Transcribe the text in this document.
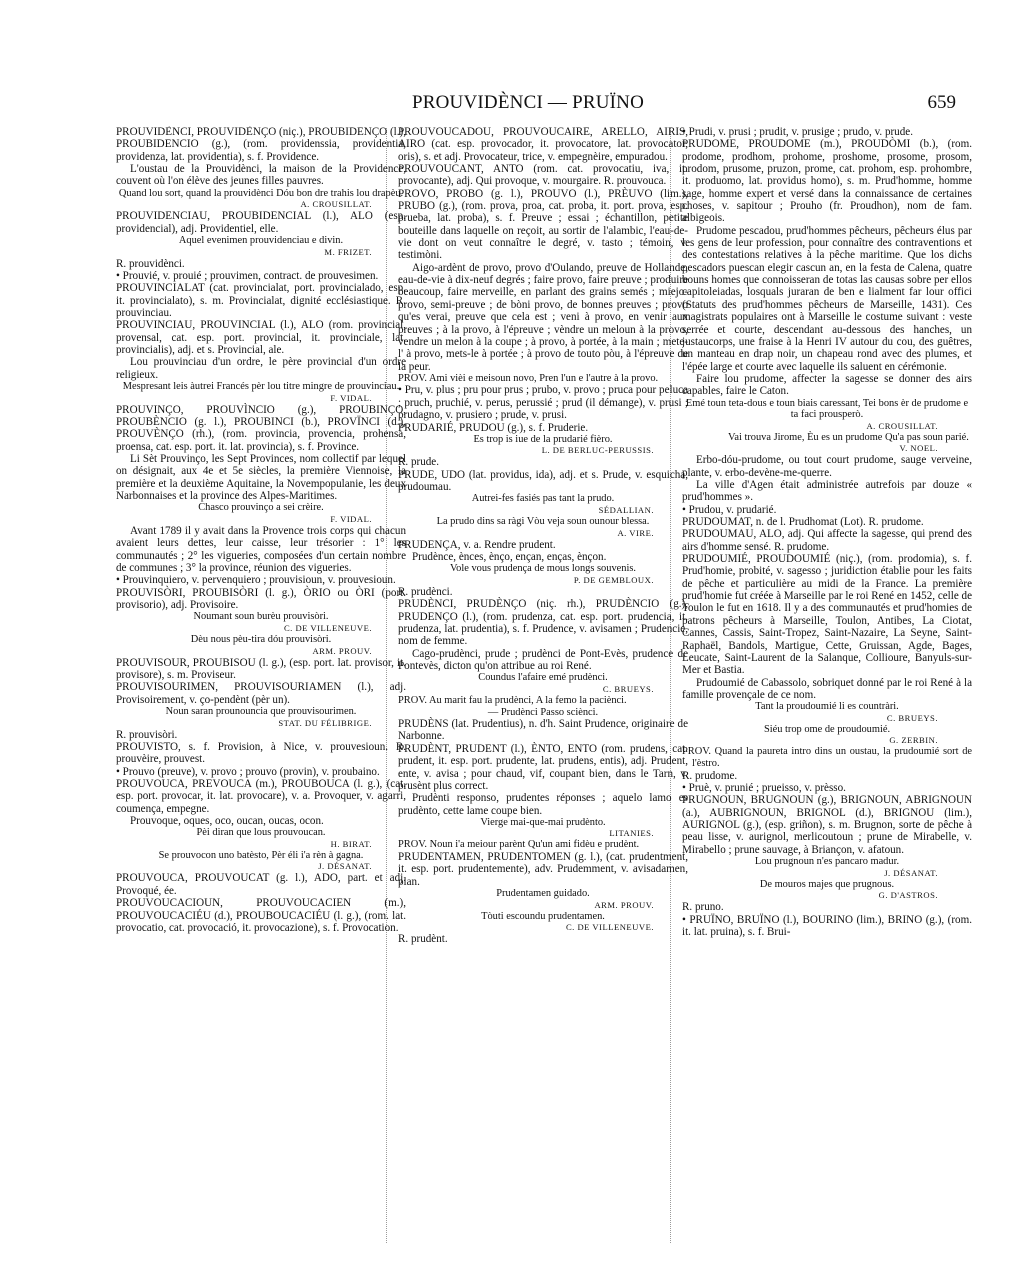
PROUVIDÈNCI — PRUÏNO	659

PROUVIDÈNCI, PROUVIDÈNÇO (niç.), PROUBIDENÇO (l.), PROUBIDENCIO (g.), (rom. providenssia, providentia, providenza, lat. providentia), s. f. Providence.

L'oustau de la Prouvidènci, la maison de la Providence, couvent où l'on élève des jeunes filles pauvres.

Quand lou sort, quand la prouvidènci Dóu bon dre trahis lou drapèu.

A. CROUSILLAT.

PROUVIDENCIAU, PROUBIDENCIAL (l.), ALO (esp. providencial), adj. Providentiel, elle.

Aquel evenimen prouvidenciau e divin.

M. FRIZET.

R. prouvidènci.

• Prouvié, v. prouié ; prouvimen, contract. de prouvesimen.

PROUVINCIALAT (cat. provincialat, port. provincialado, esp. it. provincialato), s. m. Provincialat, dignité ecclésiastique. R. prouvinciau.

PROUVINCIAU, PROUVINCIAL (l.), ALO (rom. provincial, provensal, cat. esp. port. provincial, it. provinciale, lat. provincialis), adj. et s. Provincial, ale.

Lou prouvinciau d'un ordre, le père provincial d'un ordre religieux.

Mespresant leis àutrei Francés pèr lou titre mingre de prouvinciau.

F. VIDAL.

PROUVINÇO, PROUVÌNCIO (g.), PROUBINÇO, PROUBÈNCIO (g. l.), PROUBINCI (b.), PROVÏNCI (d.), PROUVÈNÇO (rh.), (rom. provincia, provencia, prohensa, proensa, cat. esp. port. it. lat. provincia), s. f. Province.

Li Sèt Prouvinço, les Sept Provinces, nom collectif par lequel on désignait, aux 4e et 5e siècles, la première Viennoise, la première et la deuxième Aquitaine, la Novempopulanie, les deux Narbonnaises et la province des Alpes-Maritimes.

Chasco prouvinço a sei crèire.

F. VIDAL.

Avant 1789 il y avait dans la Provence trois corps qui chacun avaient leurs dettes, leur caisse, leur trésorier : 1° les communautés ; 2° les vigueries, composées d'un certain nombre de communes ; 3° la province, réunion des vigueries.

• Prouvinquiero, v. pervenquiero ; prouvisioun, v. prouvesioun.

PROUVISÒRI, PROUBISÒRI (l. g.), ÒRIO ou ÒRI (port. provisorio), adj. Provisoire.

Noumant soun burèu prouvisòri.

C. DE VILLENEUVE.

Dèu nous pèu-tira dóu prouvisòri.

ARM. PROUV.

PROUVISOUR, PROUBISOU (l. g.), (esp. port. lat. provisor, it. provisore), s. m. Proviseur.

PROUVISOURIMEN, PROUVISOURIAMEN (l.), adj. Provisoirement, v. ço-pendènt (pèr un).

Noun saran prounouncia que prouvisourimen.

STAT. DU FÉLIBRIGE.

R. prouvisòri.

PROUVISTO, s. f. Provision, à Nice, v. prouvesioun. R. prouvèire, prouvest.

• Prouvo (preuve), v. provo ; prouvo (provin), v. proubaino.

PROUVOUCA, PREVOUCA (m.), PROUBOUCA (l. g.), (cat. esp. port. provocar, it. lat. provocare), v. a. Provoquer, v. agarri, coumença, empegne.

Prouvoque, oques, oco, oucan, oucas, ocon.

Pèi diran que lous prouvoucan.

H. BIRAT.

Se prouvocon uno batèsto, Pèr éli i'a rèn à gagna.

J. DÉSANAT.

PROUVOUCA, PROUVOUCAT (g. l.), ADO, part. et adj. Provoqué, ée.

PROUVOUCACIOUN, PROUVOUCACIEN (m.), PROUVOUCACIÉU (d.), PROUBOUCACIÉU (l. g.), (rom. lat. provocatio, cat. provocació, it. provocazione), s. f. Provocation.

PROUVOUCADOU, PROUVOUCAIRE, ARELLO, AIRIS, AIRO (cat. esp. provocador, it. provocatore, lat. provocator, oris), s. et adj. Provocateur, trice, v. empegnèire, empuradou.

PROUVOUCANT, ANTO (rom. cat. provocatiu, iva, it. provocante), adj. Qui provoque, v. mourgaire. R. prouvouca.

PROVO, PROBO (g. l.), PROUVO (l.), PRÈUVO (lim.), PRUBO (g.), (rom. prova, proa, cat. proba, it. port. prova, esp. prueba, lat. proba), s. f. Preuve ; essai ; échantillon, petite bouteille dans laquelle on reçoit, au sortir de l'alambic, l'eau-de-vie dont on veut connaître le degré, v. tasto ; témoin, v. testimòni.

Aigo-ardènt de provo, provo d'Oulando, preuve de Hollande, eau-de-vie à dix-neuf degrés ; faire provo, faire preuve ; produire beaucoup, faire merveille, en parlant des grains semés ; miejo-provo, semi-preuve ; de bòni provo, de bonnes preuves ; provo qu'es verai, preuve que cela est ; veni à provo, en venir aux preuves ; à la provo, à l'épreuve ; vèndre un meloun à la provo, vendre un melon à la coupe ; à provo, à portée, à la main ; mete-l' à provo, mets-le à portée ; à provo de touto pòu, à l'épreuve de la peur.

PROV. Ami vièi e meisoun novo, Pren l'un e l'autre à la provo.

• Pru, v. plus ; pru pour prus ; prubo, v. provo ; pruca pour peluca ; pruch, pruchié, v. perus, perussié ; prud (il démange), v. prusi ; prudagno, v. prusiero ; prude, v. prusi.

PRUDARIÉ, PRUDOU (g.), s. f. Pruderie.

Es trop is iue de la prudarié fièro.

L. DE BERLUC-PERUSSIS.

R. prude.

PRUDE, UDO (lat. providus, ida), adj. et s. Prude, v. esquicha, prudoumau.

Autrei-fes fasiés pas tant la prudo.

SÉDALLIAN.

La prudo dins sa ràgi Vòu veja soun ounour blessa.

A. VIRE.

PRUDENÇA, v. a. Rendre prudent.

Prudènce, ènces, ènço, ençan, enças, ènçon.

Vole vous prudença de mous longs souvenis.

P. DE GEMBLOUX.

R. prudènci.

PRUDÈNCI, PRUDÈNÇO (niç. rh.), PRUDÈNCIO (g.), PRUDENÇO (l.), (rom. prudenza, cat. esp. port. prudencia, it. prudenza, lat. prudentia), s. f. Prudence, v. avisamen ; Prudencie, nom de femme.

Cago-prudènci, prude ; prudènci de Pont-Evès, prudence de Pontevès, dicton qu'on attribue au roi René.

Coundus l'afaire emé prudènci.

C. BRUEYS.

PROV. Au marit fau la prudènci, A la femo la paciènci.

— Prudènci Passo sciènci.

PRUDÈNS (lat. Prudentius), n. d'h. Saint Prudence, originaire de Narbonne.

PRUDÈNT, PRUDENT (l.), ÈNTO, ENTO (rom. prudens, cat. prudent, it. esp. port. prudente, lat. prudens, entis), adj. Prudent, ente, v. avisa ; pour chaud, vif, coupant bien, dans le Tarn, v. prusènt plus correct.

Prudènti responso, prudentes réponses ; aquelo lamo es prudènto, cette lame coupe bien.

Vierge mai-que-mai prudènto.

LITANIES.

PROV. Noun i'a meiour parènt Qu'un ami fidèu e prudènt.

PRUDENTAMEN, PRUDENTOMEN (g. l.), (cat. prudentment, it. esp. port. prudentemente), adv. Prudemment, v. avisadamen, plan.

Prudentamen guidado.

ARM. PROUV.

Tòuti escoundu prudentamen.

C. DE VILLENEUVE.

R. prudènt.

• Prudi, v. prusi ; prudit, v. prusige ; prudo, v. prude.

PRUDOME, PROUDOME (m.), PROUDÒMI (b.), (rom. prodome, prodhom, prohome, proshome, prosome, prosom, prodom, prusome, pruzon, prome, cat. prohom, esp. prohombre, it. produomo, lat. providus homo), s. m. Prud'homme, homme sage, homme expert et versé dans la connaissance de certaines choses, v. sapitour ; Prouho (fr. Proudhon), nom de fam. albigeois.

Prudome pescadou, prud'hommes pêcheurs, pêcheurs élus par les gens de leur profession, pour connaître des contraventions et des contestations relatives à la pêche maritime. Que los dichs pescadors puescan elegir cascun an, en la festa de Calena, quatre bouns homes que connoisseran de totas las causas sobre per ellos capitoleiadas, losquals juraran de ben e lialment far lour offici (Statuts des prud'hommes pêcheurs de Marseille, 1431). Ces magistrats populaires ont à Marseille le costume suivant : veste serrée et courte, descendant au-dessous des hanches, un justaucorps, une fraise à la Henri IV autour du cou, des guêtres, un manteau en drap noir, un chapeau rond avec des plumes, et l'épée large et courte avec laquelle ils saluent en cérémonie.

Faire lou prudome, affecter la sagesse se donner des airs capables, faire le Caton.

Emé toun teta-dous e toun biais caressant, Tei bons èr de prudome e ta faci prousperò.

A. CROUSILLAT.

Vai trouva Jirome, Èu es un prudome Qu'a pas soun parié.

V. NOEL.

Erbo-dóu-prudome, ou tout court prudome, sauge verveine, plante, v. erbo-devène-me-querre.

La ville d'Agen était administrée autrefois par douze « prud'hommes ».

• Prudou, v. prudarié.

PRUDOUMAT, n. de l. Prudhomat (Lot). R. prudome.

PRUDOUMAU, ALO, adj. Qui affecte la sagesse, qui prend des airs d'homme sensé. R. prudome.

PRUDOUMIÉ, PROUDOUMIÉ (niç.), (rom. prodomia), s. f. Prud'homie, probité, v. sagesso ; juridiction établie pour les faits de pêche et particulière au midi de la France. La première prud'homie fut créée à Marseille par le roi René en 1452, celle de Toulon le fut en 1618. Il y a des communautés et prud'homies de patrons pêcheurs à Marseille, Toulon, Antibes, La Ciotat, Cannes, Cassis, Saint-Tropez, Saint-Nazaire, La Seyne, Saint-Raphaël, Bandols, Martigue, Cette, Gruissan, Agde, Bages, Leucate, Saint-Laurent de la Salanque, Collioure, Banyuls-sur-Mer et Bastia.

Prudoumié de Cabassolo, sobriquet donné par le roi René à la famille provençale de ce nom.

Tant la proudoumié li es countràri.

C. BRUEYS.

Siéu trop ome de proudoumié.

G. ZERBIN.

PROV. Quand la paureta intro dins un oustau, la prudoumié sort de l'èstro.

R. prudome.

• Pruè, v. prunié ; prueisso, v. prèsso.

PRUGNOUN, BRUGNOUN (g.), BRIGNOUN, ABRIGNOUN (a.), AUBRIGNOUN, BRIGNOL (d.), BRIGNOU (lim.), AURIGNOL (g.), (esp. griñon), s. m. Brugnon, sorte de pêche à peau lisse, v. aurignol, merlicoutoun ; prune de Mirabelle, v. Mirabello ; prune sauvage, à Briançon, v. afatoun.

Lou prugnoun n'es pancaro madur.

J. DÉSANAT.

De mouros majes que prugnous.

G. D'ASTROS.

R. pruno.

• PRUÏNO, BRUÏNO (l.), BOURINO (lim.), BRINO (g.), (rom. it. lat. pruina), s. f. Brui-
